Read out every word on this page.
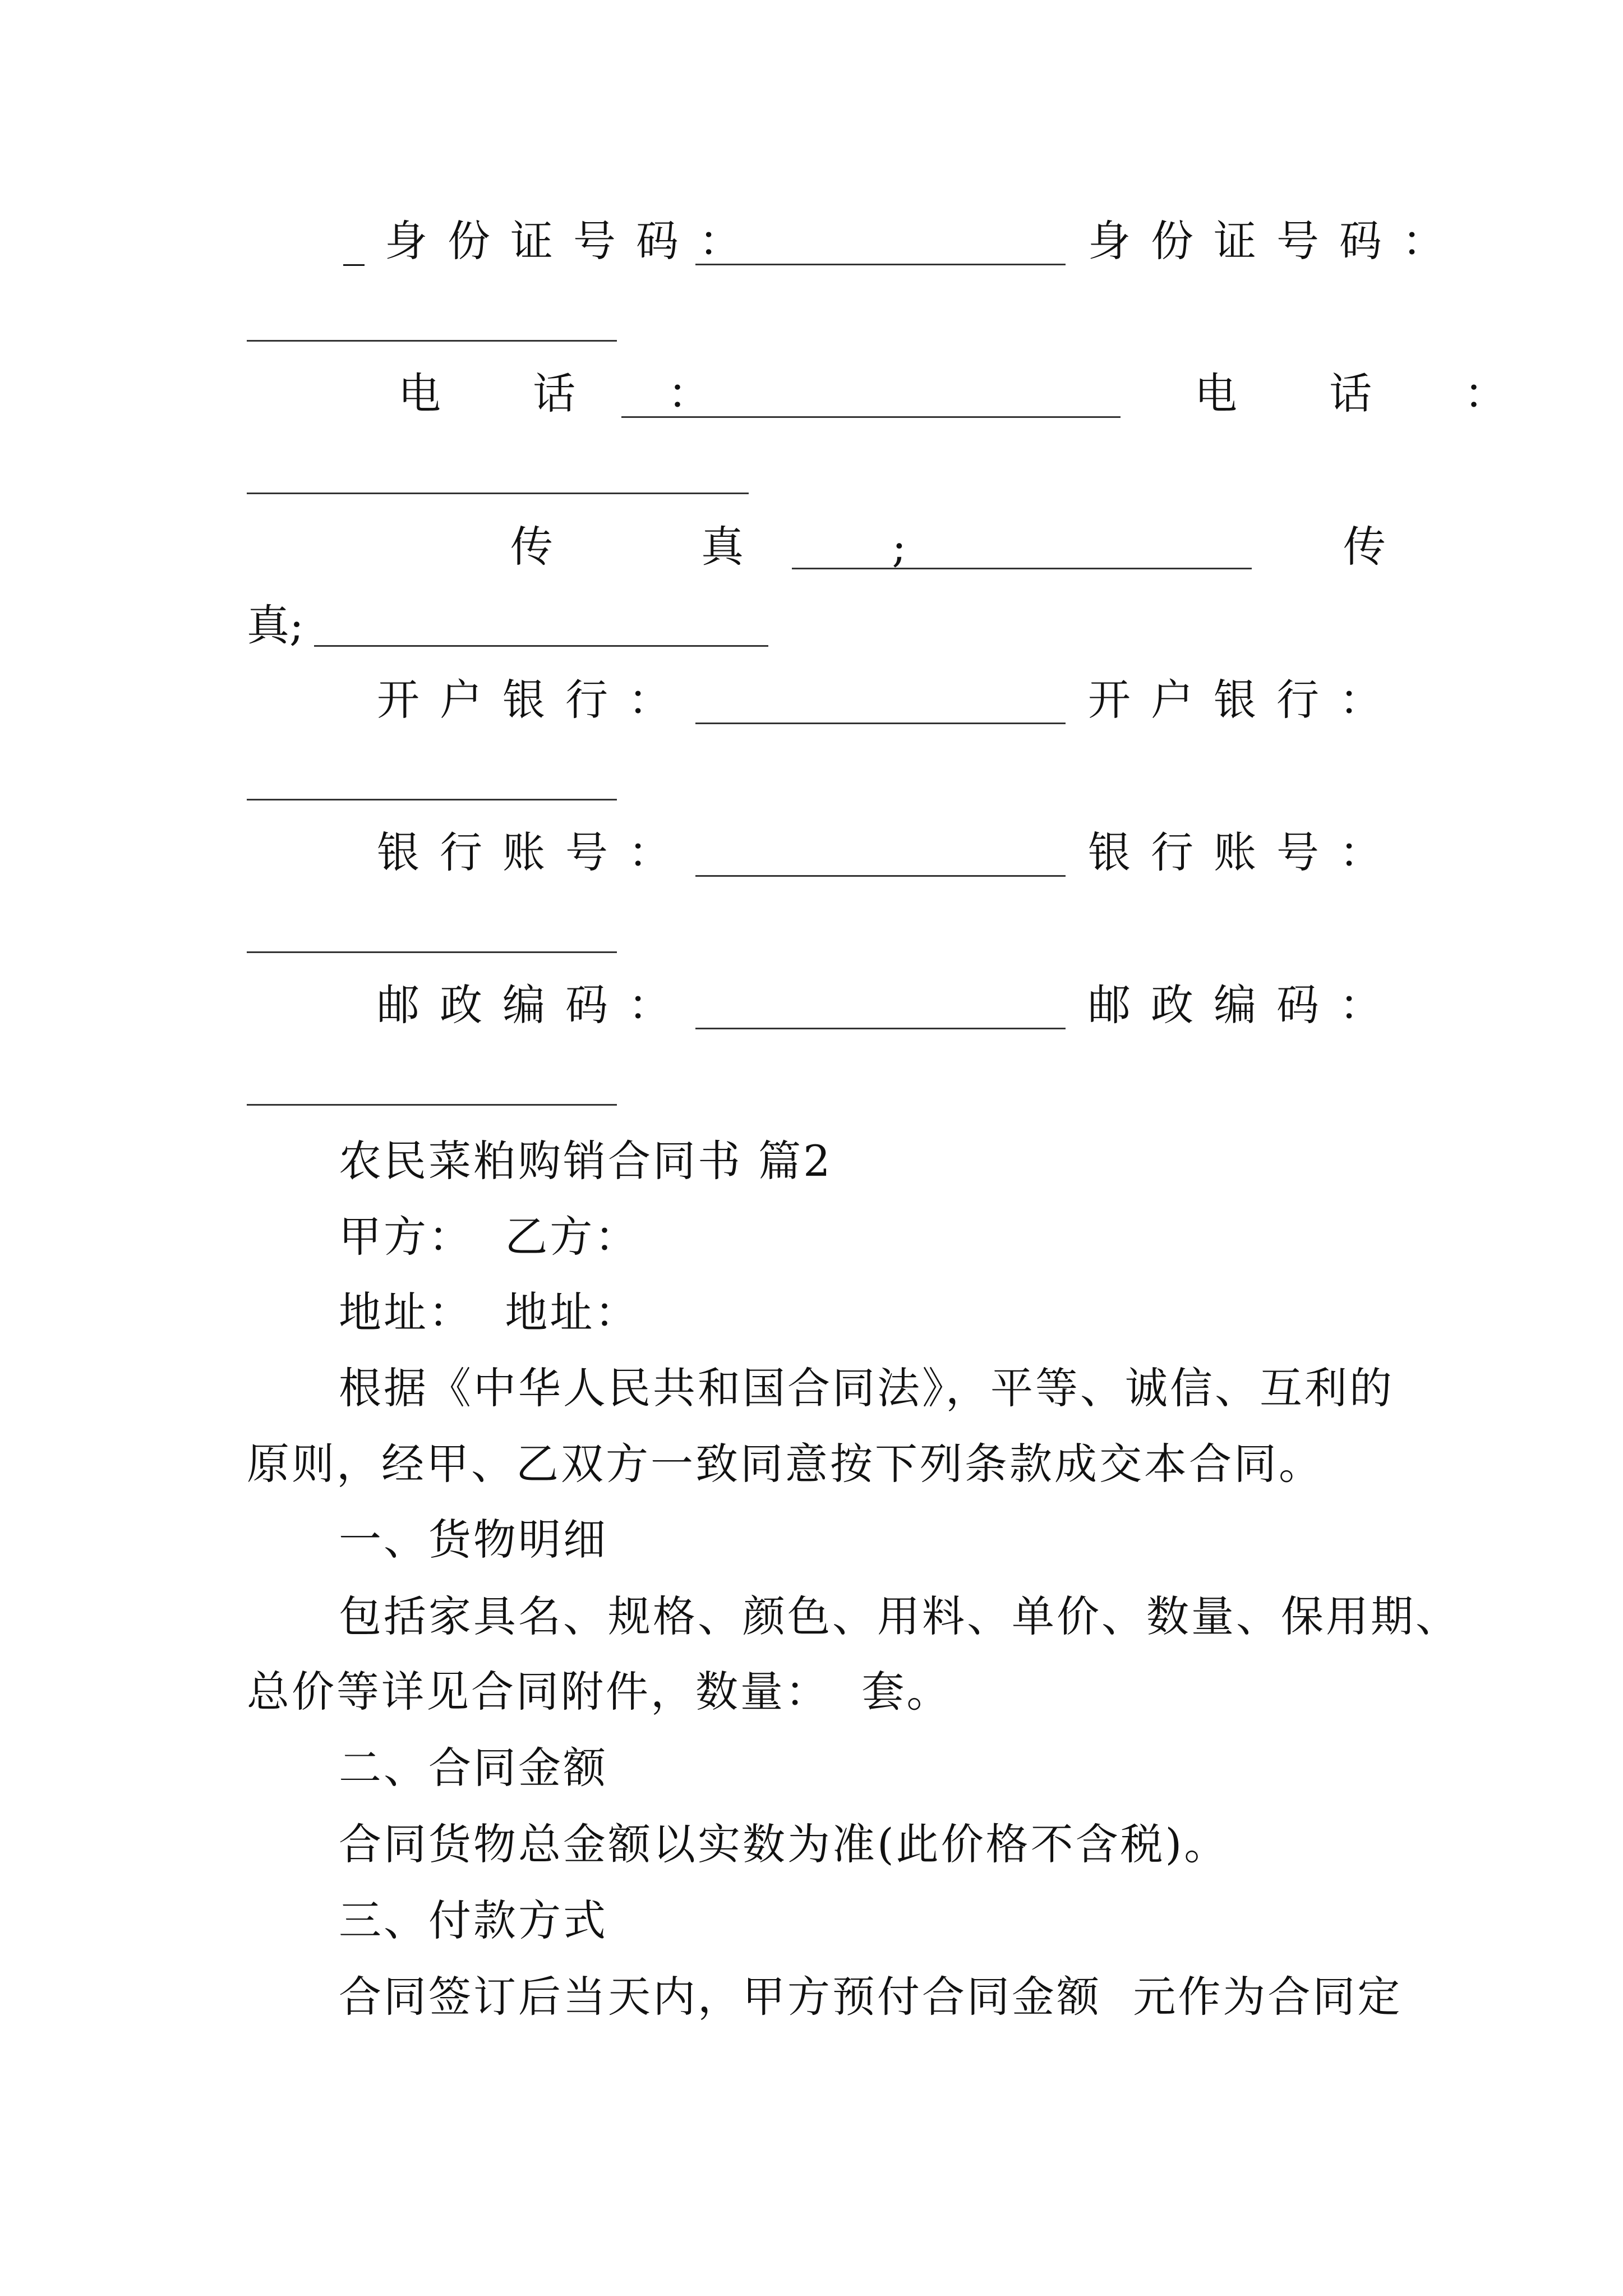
_身份证号码：	身份证号码：
电 话 ：	电 话 ：
传 真 ;	传
真;
开户银行：	开户银行：
银行账号：	银行账号：
邮政编码：	邮政编码：
农民菜粕购销合同书 篇2
甲方：  乙方：
地址：  地址：
根据《中华人民共和国合同法》，平等、诚信、互利的
原则，经甲、乙双方一致同意按下列条款成交本合同。
一、货物明细
包括家具名、规格、颜色、用料、单价、数量、保用期、
总价等详见合同附件，数量：  套。
二、合同金额
合同货物总金额以实数为准(此价格不含税)。
三、付款方式
合同签订后当天内，甲方预付合同金额  元作为合同定
